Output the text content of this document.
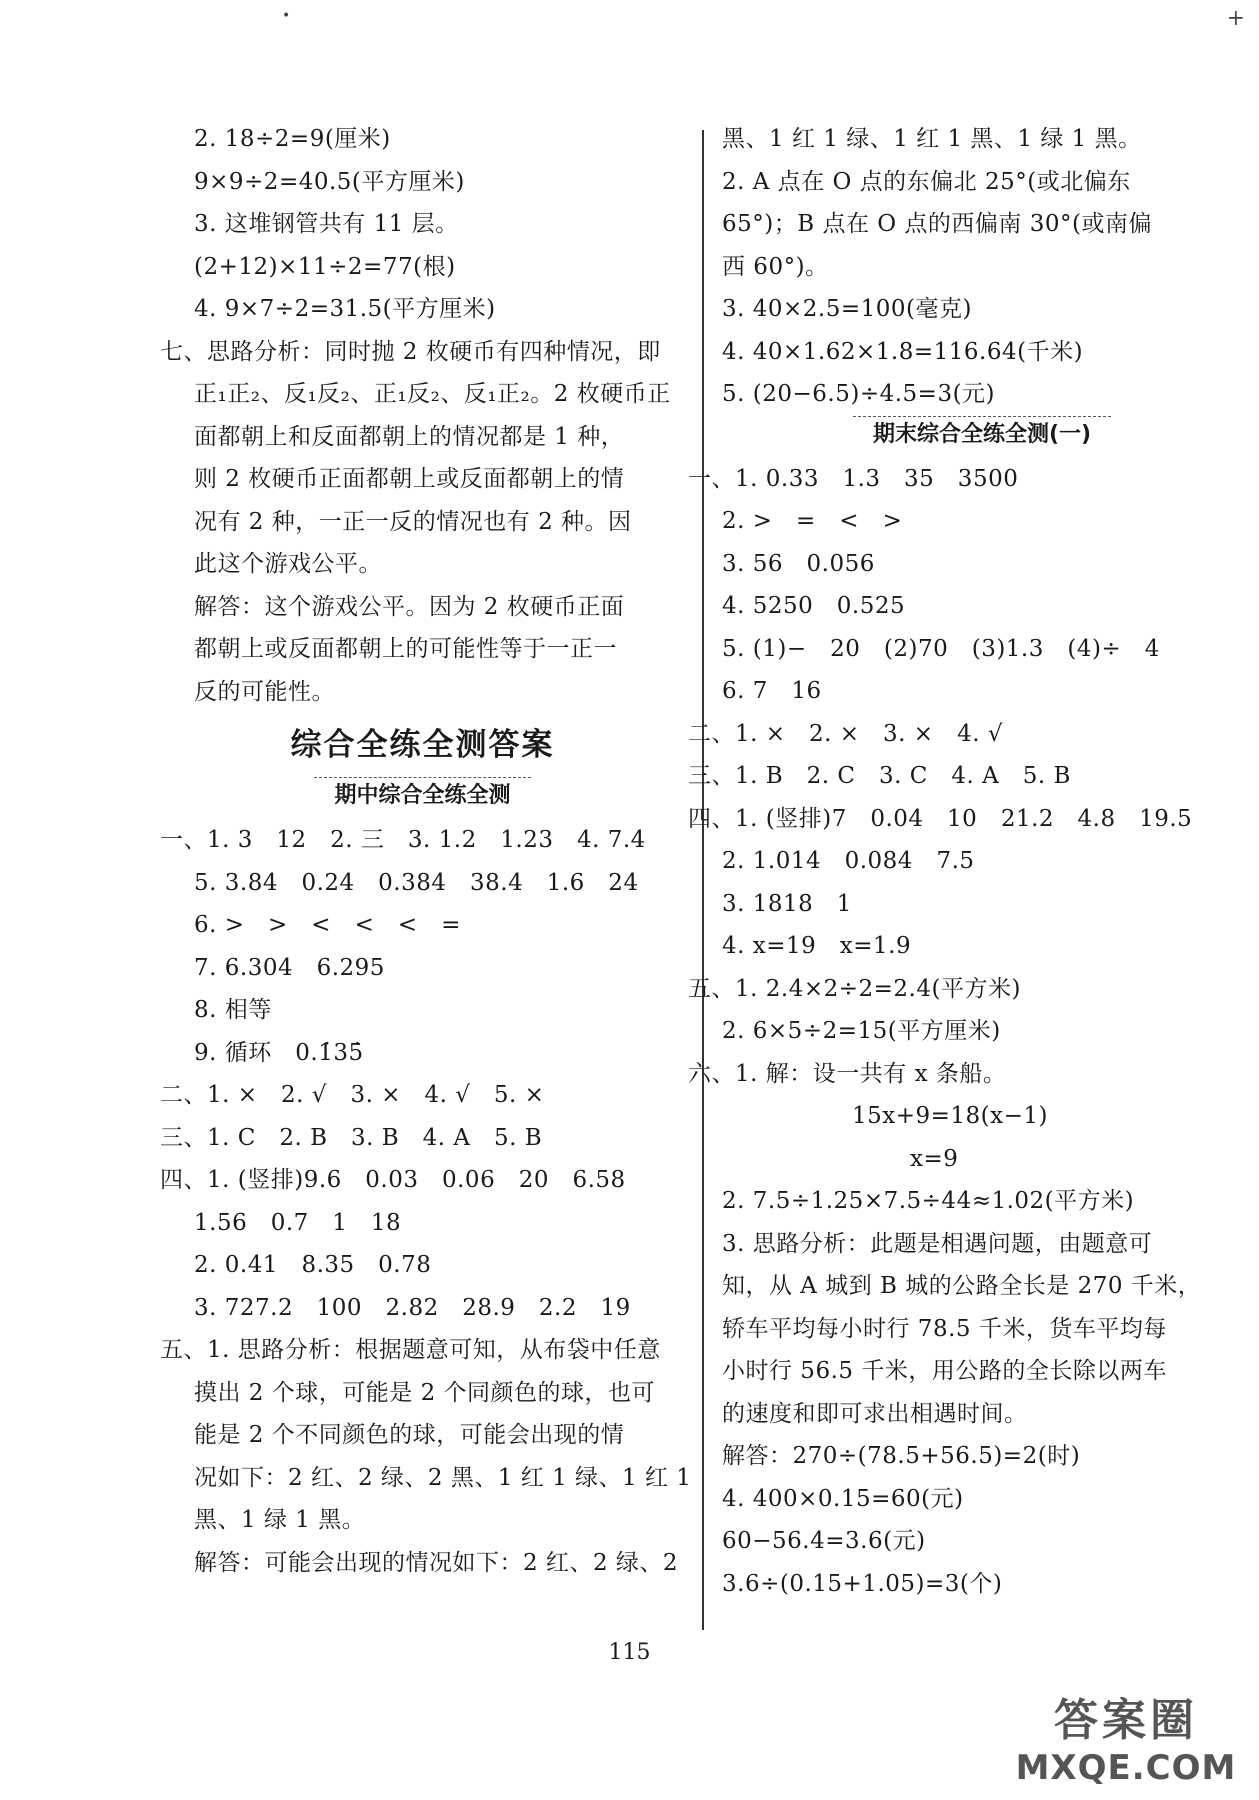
•	+
2. 18÷2=9(厘米)
9×9÷2=40.5(平方厘米)
3. 这堆钢管共有 11 层。
(2+12)×11÷2=77(根)
4. 9×7÷2=31.5(平方厘米)
七、思路分析：同时抛 2 枚硬币有四种情况，即
正₁正₂、反₁反₂、正₁反₂、反₁正₂。2 枚硬币正
面都朝上和反面都朝上的情况都是 1 种，
则 2 枚硬币正面都朝上或反面都朝上的情
况有 2 种，一正一反的情况也有 2 种。因
此这个游戏公平。
解答：这个游戏公平。因为 2 枚硬币正面
都朝上或反面都朝上的可能性等于一正一
反的可能性。
综合全练全测答案
期中综合全练全测
一、1. 3　12　2. 三　3. 1.2　1.23　4. 7.4
5. 3.84　0.24　0.384　38.4　1.6　24
6. >　>　<　<　<　=
7. 6.304　6.295
8. 相等
9. 循环　0.1̇35̇
二、1. ×　2. √　3. ×　4. √　5. ×
三、1. C　2. B　3. B　4. A　5. B
四、1. (竖排)9.6　0.03　0.06　20　6.58
1.56　0.7　1　18
2. 0.41　8.35　0.78
3. 727.2　100　2.82　28.9　2.2　19
五、1. 思路分析：根据题意可知，从布袋中任意
摸出 2 个球，可能是 2 个同颜色的球，也可
能是 2 个不同颜色的球，可能会出现的情
况如下：2 红、2 绿、2 黑、1 红 1 绿、1 红 1
黑、1 绿 1 黑。
解答：可能会出现的情况如下：2 红、2 绿、2
黑、1 红 1 绿、1 红 1 黑、1 绿 1 黑。
2. A 点在 O 点的东偏北 25°(或北偏东
65°)；B 点在 O 点的西偏南 30°(或南偏
西 60°)。
3. 40×2.5=100(毫克)
4. 40×1.62×1.8=116.64(千米)
5. (20−6.5)÷4.5=3(元)
期末综合全练全测(一)
一、1. 0.33　1.3　35　3500
2. >　=　<　>
3. 56　0.056
4. 5250　0.525
5. (1)−　20　(2)70　(3)1.3　(4)÷　4
6. 7　16
二、1. ×　2. ×　3. ×　4. √
三、1. B　2. C　3. C　4. A　5. B
四、1. (竖排)7　0.04　10　21.2　4.8　19.5
2. 1.014　0.084　7.5
3. 1818　1
4. x=19　x=1.9
五、1. 2.4×2÷2=2.4(平方米)
2. 6×5÷2=15(平方厘米)
六、1. 解：设一共有 x 条船。
15x+9=18(x−1)
x=9
2. 7.5÷1.25×7.5÷44≈1.02(平方米)
3. 思路分析：此题是相遇问题，由题意可
知，从 A 城到 B 城的公路全长是 270 千米，
轿车平均每小时行 78.5 千米，货车平均每
小时行 56.5 千米，用公路的全长除以两车
的速度和即可求出相遇时间。
解答：270÷(78.5+56.5)=2(时)
4. 400×0.15=60(元)
60−56.4=3.6(元)
3.6÷(0.15+1.05)=3(个)
115
答案圈
MXQE.COM
